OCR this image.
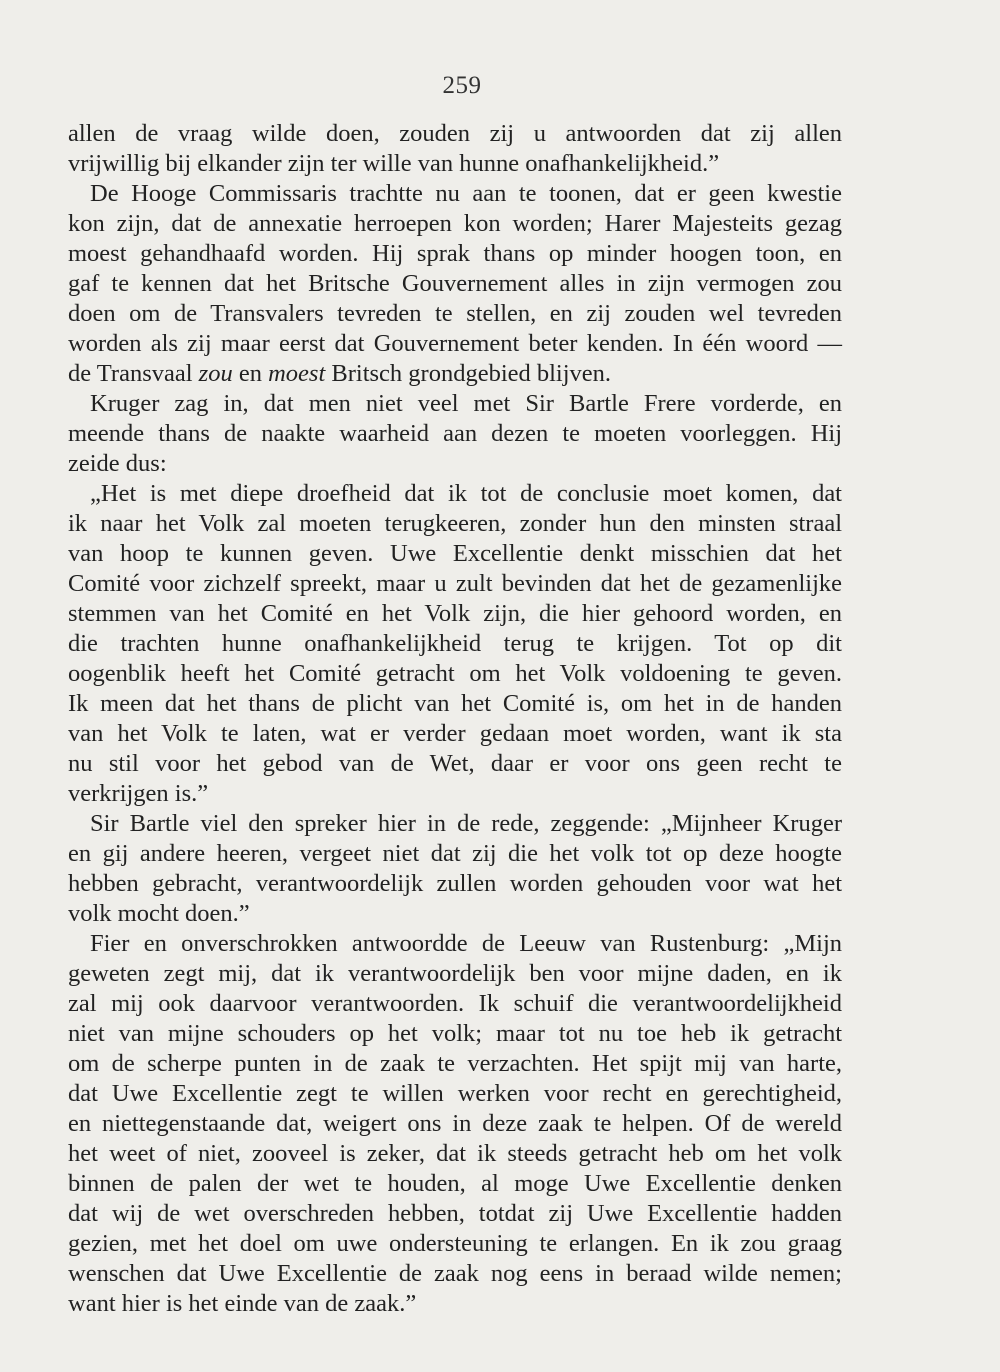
259
allen de vraag wilde doen, zouden zij u antwoorden dat zij allen
vrijwillig bij elkander zijn ter wille van hunne onafhankelijkheid.”
De Hooge Commissaris trachtte nu aan te toonen, dat er geen kwestie
kon zijn, dat de annexatie herroepen kon worden; Harer Majesteits gezag
moest gehandhaafd worden. Hij sprak thans op minder hoogen toon, en
gaf te kennen dat het Britsche Gouvernement alles in zijn vermogen zou
doen om de Transvalers tevreden te stellen, en zij zouden wel tevreden
worden als zij maar eerst dat Gouvernement beter kenden. In één woord —
de Transvaal zou en moest Britsch grondgebied blijven.
Kruger zag in, dat men niet veel met Sir Bartle Frere vorderde, en
meende thans de naakte waarheid aan dezen te moeten voorleggen. Hij
zeide dus:
„Het is met diepe droefheid dat ik tot de conclusie moet komen, dat
ik naar het Volk zal moeten terugkeeren, zonder hun den minsten straal
van hoop te kunnen geven. Uwe Excellentie denkt misschien dat het
Comité voor zichzelf spreekt, maar u zult bevinden dat het de gezamenlijke
stemmen van het Comité en het Volk zijn, die hier gehoord worden, en
die trachten hunne onafhankelijkheid terug te krijgen. Tot op dit
oogenblik heeft het Comité getracht om het Volk voldoening te geven.
Ik meen dat het thans de plicht van het Comité is, om het in de handen
van het Volk te laten, wat er verder gedaan moet worden, want ik sta
nu stil voor het gebod van de Wet, daar er voor ons geen recht te
verkrijgen is.”
Sir Bartle viel den spreker hier in de rede, zeggende: „Mijnheer Kruger
en gij andere heeren, vergeet niet dat zij die het volk tot op deze hoogte
hebben gebracht, verantwoordelijk zullen worden gehouden voor wat het
volk mocht doen.”
Fier en onverschrokken antwoordde de Leeuw van Rustenburg: „Mijn
geweten zegt mij, dat ik verantwoordelijk ben voor mijne daden, en ik
zal mij ook daarvoor verantwoorden. Ik schuif die verantwoordelijkheid
niet van mijne schouders op het volk; maar tot nu toe heb ik getracht
om de scherpe punten in de zaak te verzachten. Het spijt mij van harte,
dat Uwe Excellentie zegt te willen werken voor recht en gerechtigheid,
en niettegenstaande dat, weigert ons in deze zaak te helpen. Of de wereld
het weet of niet, zooveel is zeker, dat ik steeds getracht heb om het volk
binnen de palen der wet te houden, al moge Uwe Excellentie denken
dat wij de wet overschreden hebben, totdat zij Uwe Excellentie hadden
gezien, met het doel om uwe ondersteuning te erlangen. En ik zou graag
wenschen dat Uwe Excellentie de zaak nog eens in beraad wilde nemen;
want hier is het einde van de zaak.”
